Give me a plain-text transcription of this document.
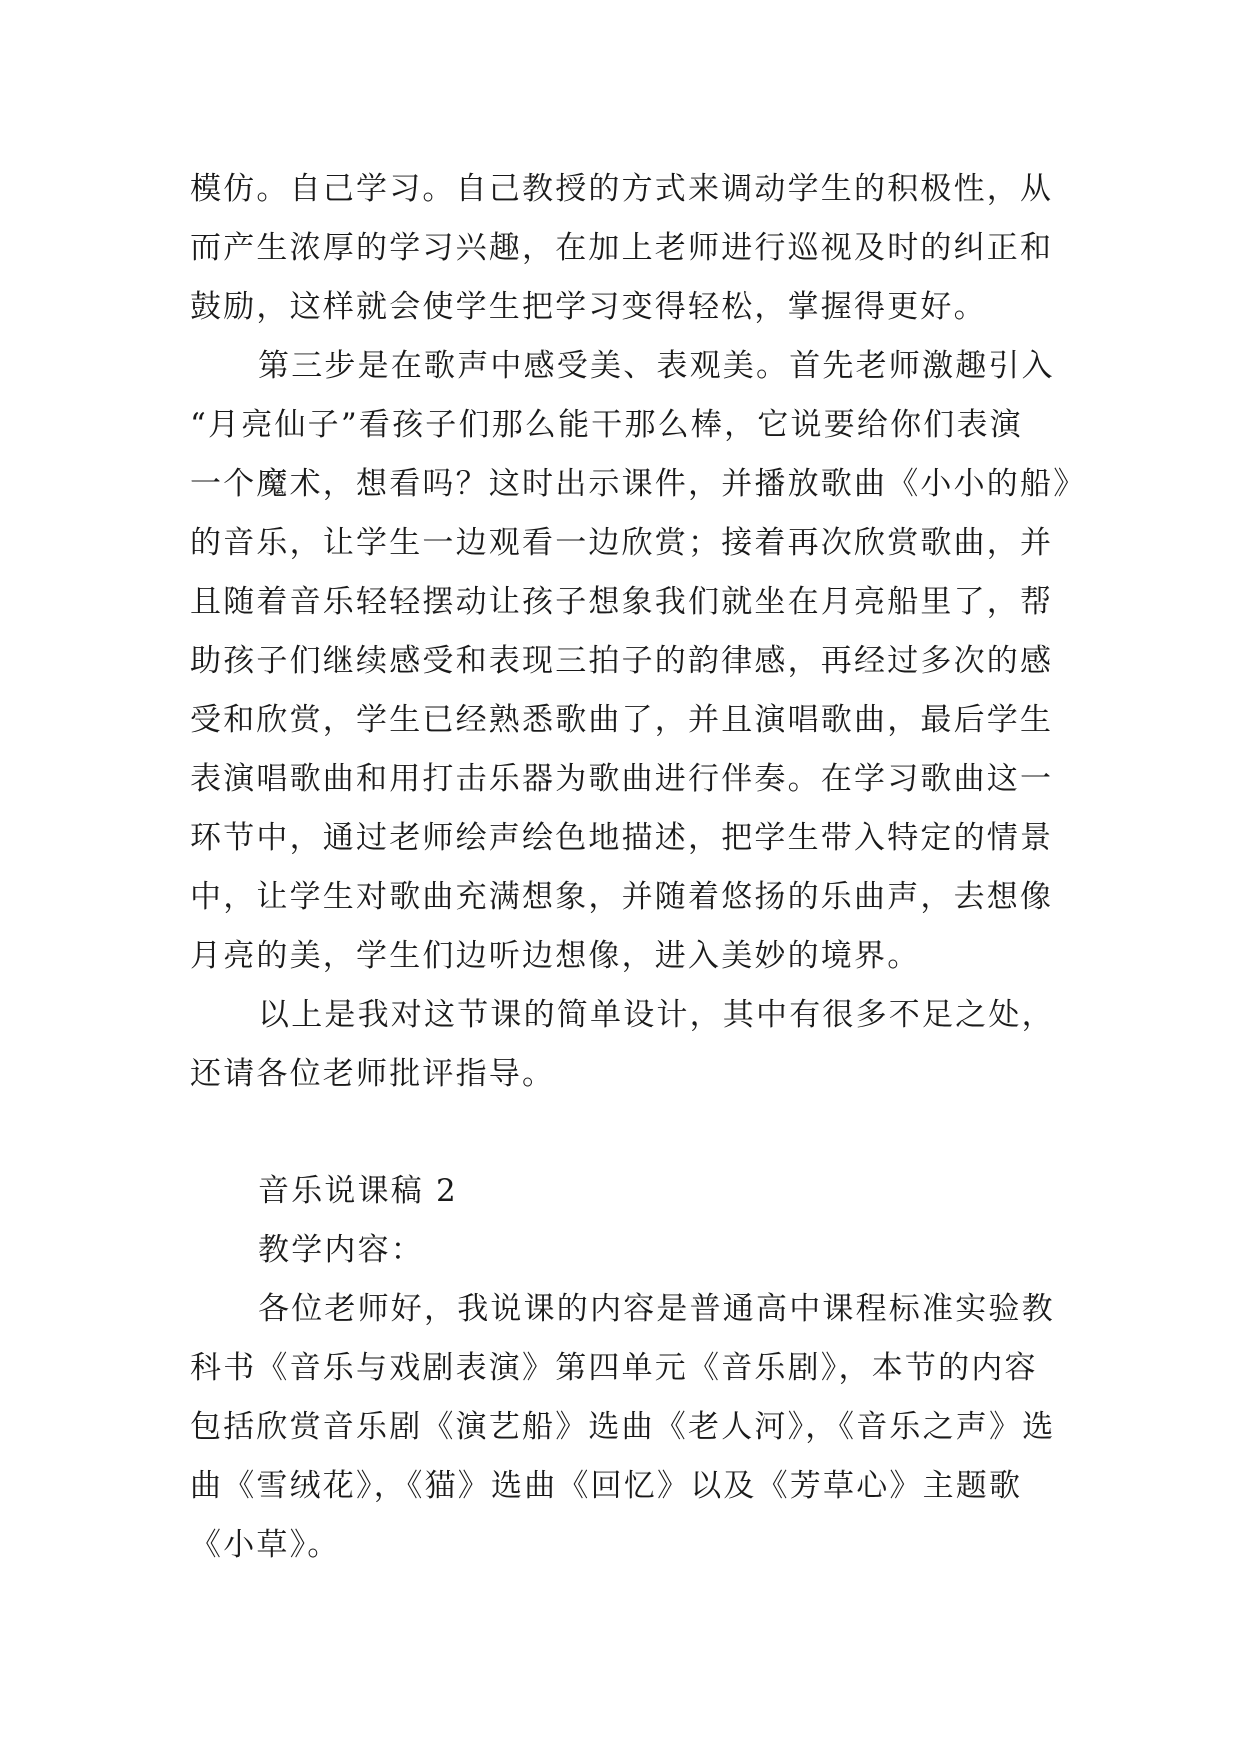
模仿。自己学习。自己教授的方式来调动学生的积极性，从
而产生浓厚的学习兴趣，在加上老师进行巡视及时的纠正和
鼓励，这样就会使学生把学习变得轻松，掌握得更好。
第三步是在歌声中感受美、表观美。首先老师激趣引入
“月亮仙子”看孩子们那么能干那么棒，它说要给你们表演
一个魔术，想看吗？这时出示课件，并播放歌曲《小小的船》
的音乐，让学生一边观看一边欣赏；接着再次欣赏歌曲，并
且随着音乐轻轻摆动让孩子想象我们就坐在月亮船里了，帮
助孩子们继续感受和表现三拍子的韵律感，再经过多次的感
受和欣赏，学生已经熟悉歌曲了，并且演唱歌曲，最后学生
表演唱歌曲和用打击乐器为歌曲进行伴奏。在学习歌曲这一
环节中，通过老师绘声绘色地描述，把学生带入特定的情景
中，让学生对歌曲充满想象，并随着悠扬的乐曲声，去想像
月亮的美，学生们边听边想像，进入美妙的境界。
以上是我对这节课的简单设计，其中有很多不足之处，
还请各位老师批评指导。
音乐说课稿 2
教学内容：
各位老师好，我说课的内容是普通高中课程标准实验教
科书《音乐与戏剧表演》第四单元《音乐剧》，本节的内容
包括欣赏音乐剧《演艺船》选曲《老人河》，《音乐之声》选
曲《雪绒花》，《猫》选曲《回忆》以及《芳草心》主题歌
《小草》。
